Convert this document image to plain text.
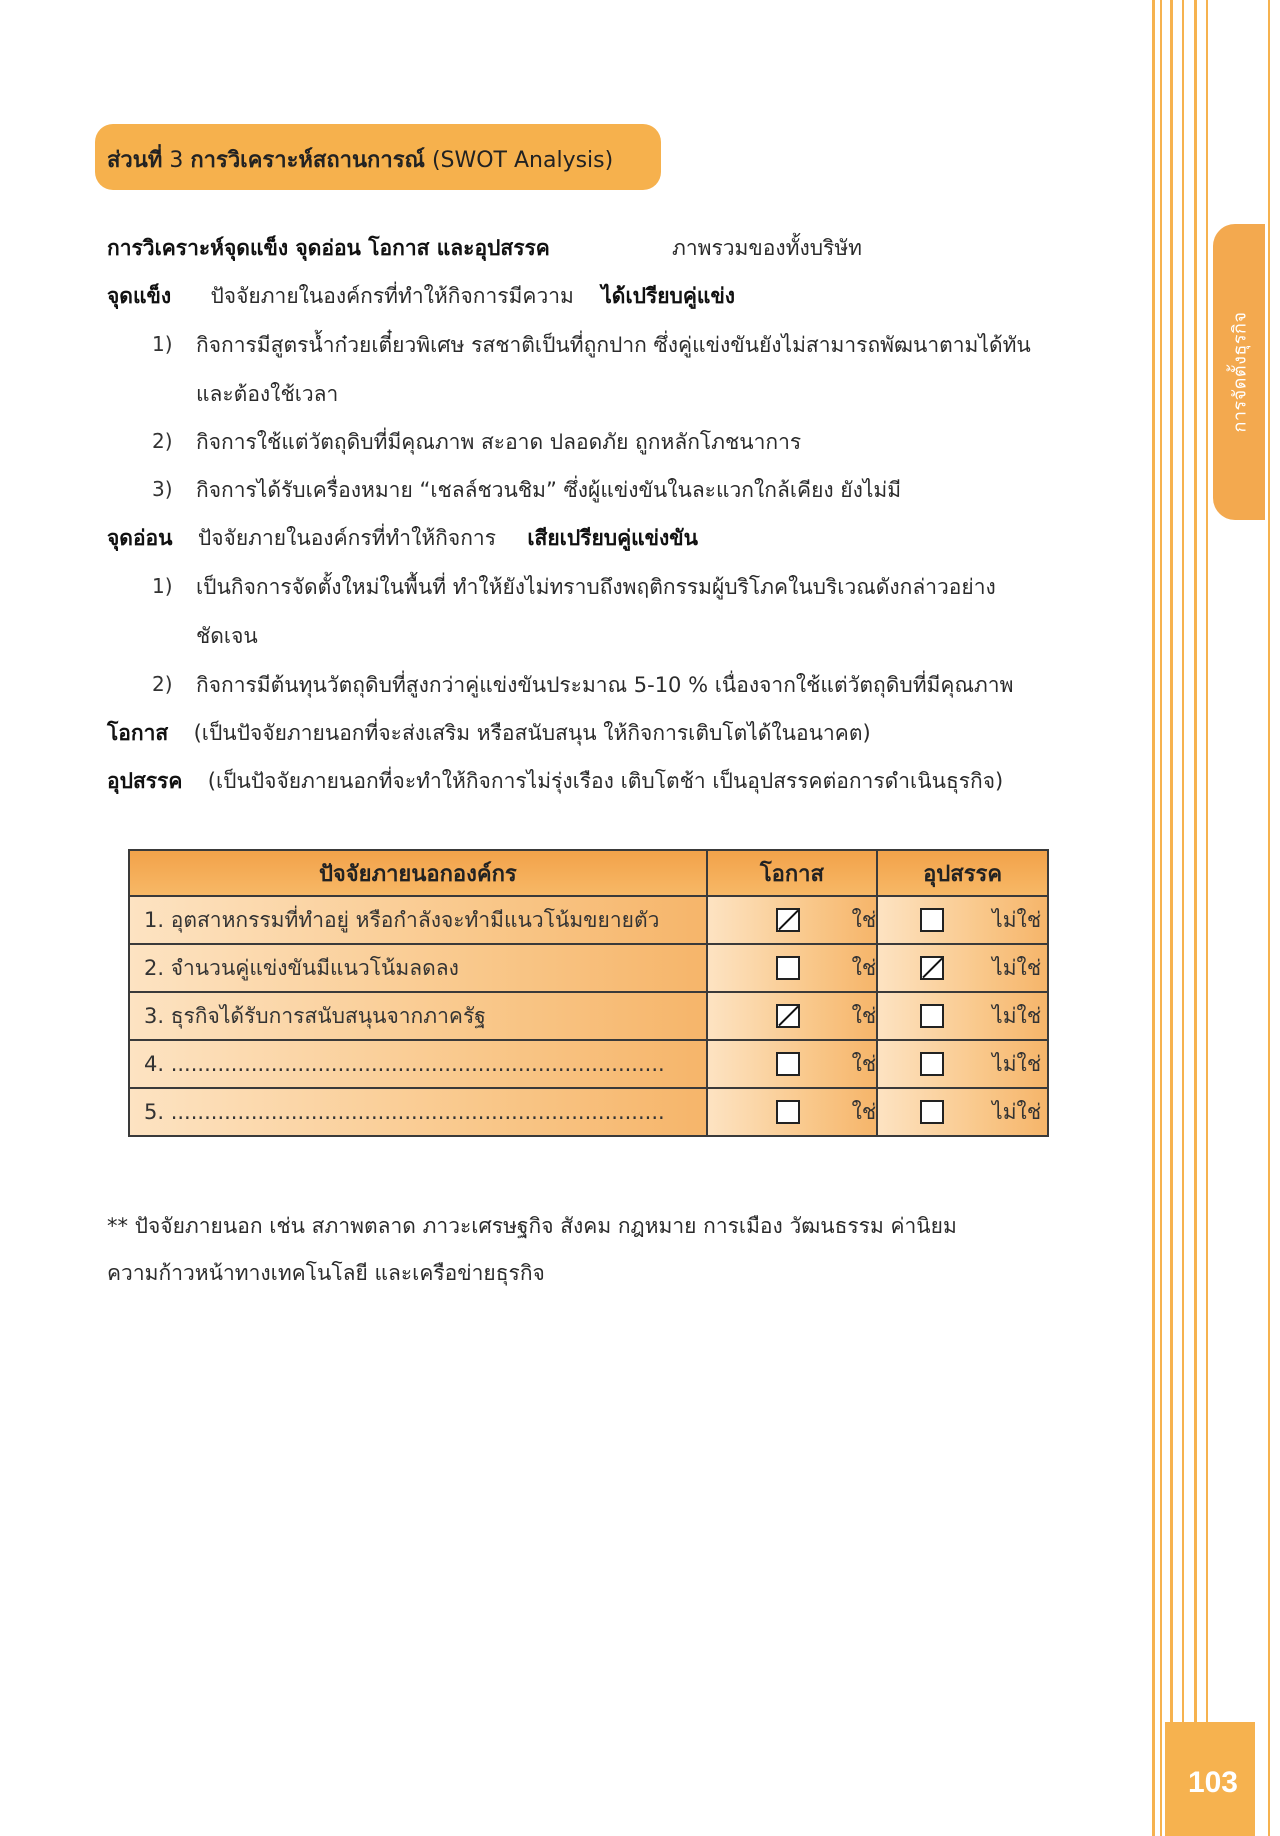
การจัดตั้งธุรกิจ
103
ส่วนที่ 3 การวิเคราะห์สถานการณ์ (SWOT Analysis)
การวิเคราะห์จุดแข็ง จุดอ่อน โอกาส และอุปสรรค	ภาพรวมของทั้งบริษัท
จุดแข็ง ปัจจัยภายในองค์กรที่ทำให้กิจการมีความ ได้เปรียบคู่แข่ง
1) กิจการมีสูตรน้ำก๋วยเตี๋ยวพิเศษ รสชาติเป็นที่ถูกปาก ซึ่งคู่แข่งขันยังไม่สามารถพัฒนาตามได้ทัน
และต้องใช้เวลา
2) กิจการใช้แต่วัตถุดิบที่มีคุณภาพ สะอาด ปลอดภัย ถูกหลักโภชนาการ
3) กิจการได้รับเครื่องหมาย “เชลล์ชวนชิม” ซึ่งผู้แข่งขันในละแวกใกล้เคียง ยังไม่มี
จุดอ่อน ปัจจัยภายในองค์กรที่ทำให้กิจการ เสียเปรียบคู่แข่งขัน
1) เป็นกิจการจัดตั้งใหม่ในพื้นที่ ทำให้ยังไม่ทราบถึงพฤติกรรมผู้บริโภคในบริเวณดังกล่าวอย่าง
ชัดเจน
2) กิจการมีต้นทุนวัตถุดิบที่สูงกว่าคู่แข่งขันประมาณ 5-10 % เนื่องจากใช้แต่วัตถุดิบที่มีคุณภาพ
โอกาส (เป็นปัจจัยภายนอกที่จะส่งเสริม หรือสนับสนุน ให้กิจการเติบโตได้ในอนาคต)
อุปสรรค (เป็นปัจจัยภายนอกที่จะทำให้กิจการไม่รุ่งเรือง เติบโตช้า เป็นอุปสรรคต่อการดำเนินธุรกิจ)
ปัจจัยภายนอกองค์กร	โอกาส	อุปสรรค
1. อุตสาหกรรมที่ทำอยู่ หรือกำลังจะทำมีแนวโน้มขยายตัว	ใช่	ไม่ใช่

2. จำนวนคู่แข่งขันมีแนวโน้มลดลง	ใช่	ไม่ใช่

3. ธุรกิจได้รับการสนับสนุนจากภาครัฐ	ใช่	ไม่ใช่

4. ..........................................................................	ใช่	ไม่ใช่

5. ..........................................................................	ใช่	ไม่ใช่
** ปัจจัยภายนอก เช่น สภาพตลาด ภาวะเศรษฐกิจ สังคม กฎหมาย การเมือง วัฒนธรรม ค่านิยม
ความก้าวหน้าทางเทคโนโลยี และเครือข่ายธุรกิจ
